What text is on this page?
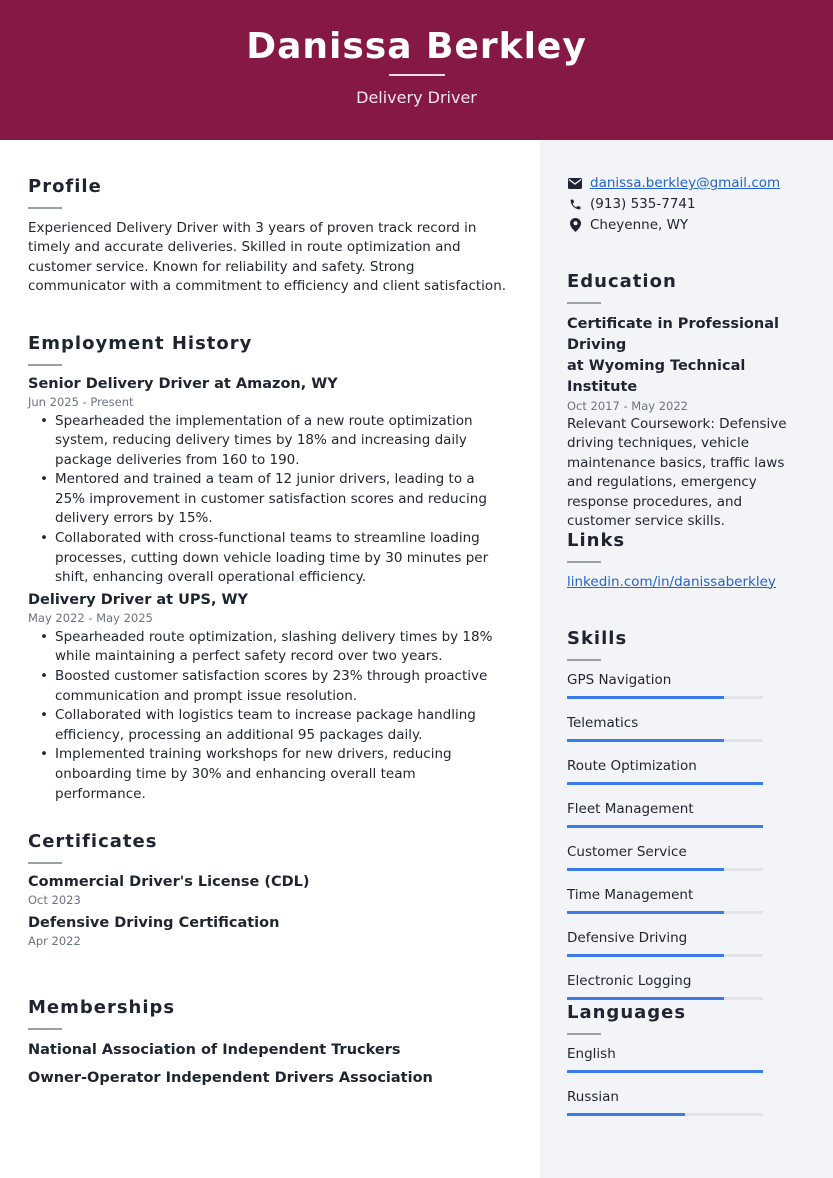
Danissa Berkley
Delivery Driver
Profile
Experienced Delivery Driver with 3 years of proven track record in timely and accurate deliveries. Skilled in route optimization and customer service. Known for reliability and safety. Strong communicator with a commitment to efficiency and client satisfaction.
Employment History
Senior Delivery Driver at Amazon, WY
Jun 2025 - Present
• Spearheaded the implementation of a new route optimization system, reducing delivery times by 18% and increasing daily package deliveries from 160 to 190.
• Mentored and trained a team of 12 junior drivers, leading to a 25% improvement in customer satisfaction scores and reducing delivery errors by 15%.
• Collaborated with cross-functional teams to streamline loading processes, cutting down vehicle loading time by 30 minutes per shift, enhancing overall operational efficiency.
Delivery Driver at UPS, WY
May 2022 - May 2025
• Spearheaded route optimization, slashing delivery times by 18% while maintaining a perfect safety record over two years.
• Boosted customer satisfaction scores by 23% through proactive communication and prompt issue resolution.
• Collaborated with logistics team to increase package handling efficiency, processing an additional 95 packages daily.
• Implemented training workshops for new drivers, reducing onboarding time by 30% and enhancing overall team performance.
Certificates
Commercial Driver's License (CDL)
Oct 2023
Defensive Driving Certification
Apr 2022
Memberships
National Association of Independent Truckers
Owner-Operator Independent Drivers Association
danissa.berkley@gmail.com
(913) 535-7741
Cheyenne, WY
Education
Certificate in Professional Driving
at Wyoming Technical Institute
Oct 2017 - May 2022
Relevant Coursework: Defensive driving techniques, vehicle maintenance basics, traffic laws and regulations, emergency response procedures, and customer service skills.
Links
linkedin.com/in/danissaberkley
Skills
GPS Navigation
Telematics
Route Optimization
Fleet Management
Customer Service
Time Management
Defensive Driving
Electronic Logging
Languages
English
Russian
